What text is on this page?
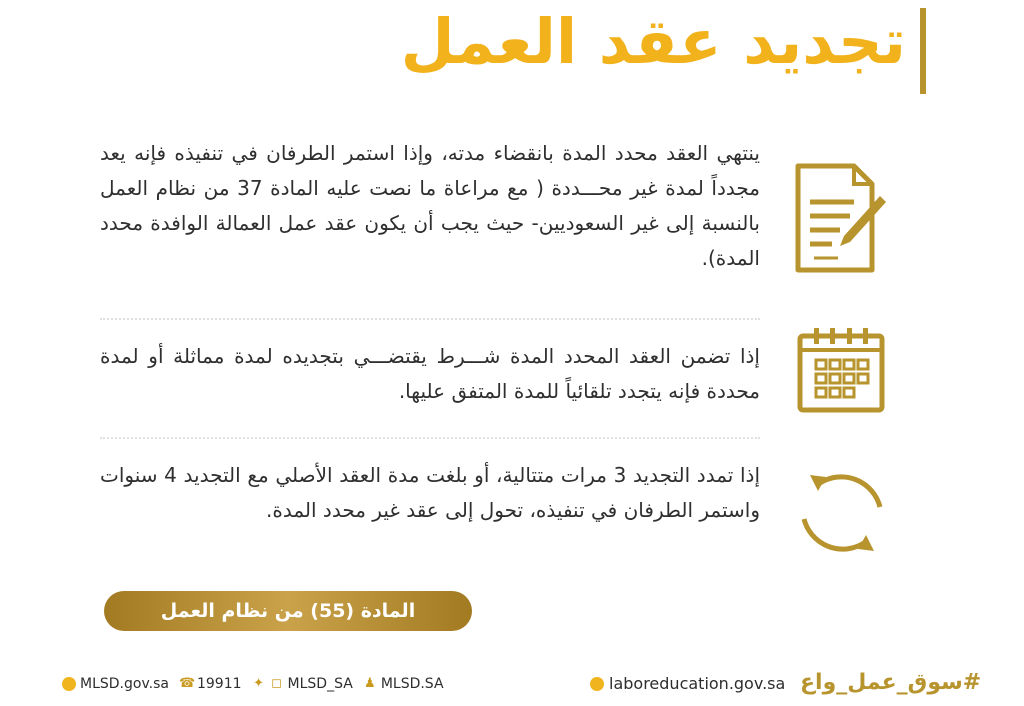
تجديد عقد العمل
ينتهي العقد محدد المدة بانقضاء مدته، وإذا استمر الطرفان في تنفيذه فإنه يعد مجدداً لمدة غير محـــددة ( مع مراعاة ما نصت عليه المادة 37 من نظام العمل بالنسبة إلى غير السعوديين- حيث يجب أن يكون عقد عمل العمالة الوافدة محدد المدة).
إذا تضمن العقد المحدد المدة شـــرط يقتضـــي بتجديده لمدة مماثلة أو لمدة محددة فإنه يتجدد تلقائياً للمدة المتفق عليها.
إذا تمدد التجديد 3 مرات متتالية، أو بلغت مدة العقد الأصلي مع التجديد 4 سنوات واستمر الطرفان في تنفيذه، تحول إلى عقد غير محدد المدة.
المادة (55) من نظام العمل
MLSD.gov.sa ☎ 19911 ✦ ◻ MLSD_SA ♟ MLSD.SA	laboreducation.gov.sa #سوق_عمل_واع
